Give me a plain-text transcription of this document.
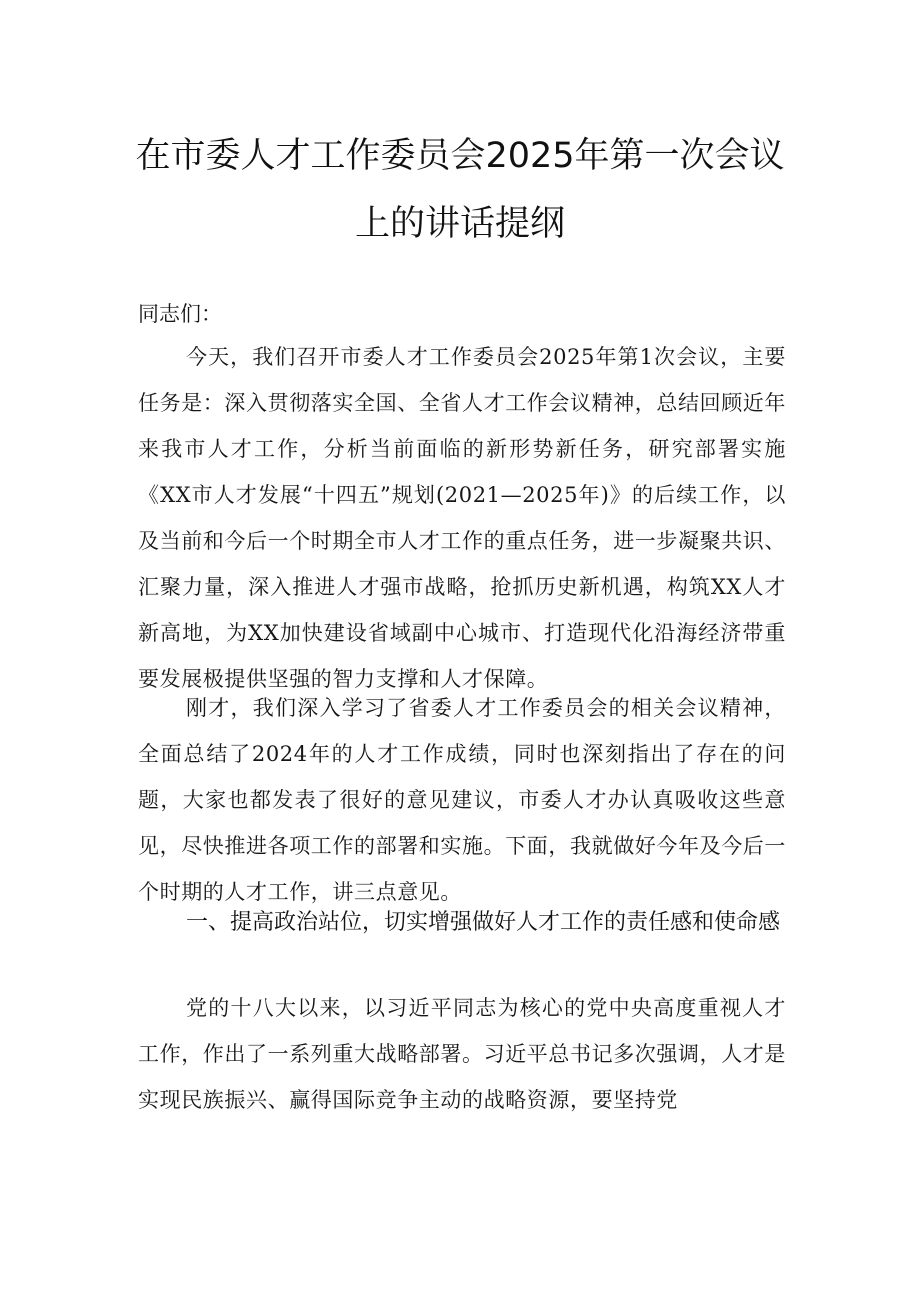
在市委人才工作委员会2025年第一次会议
上的讲话提纲
同志们：

今天，我们召开市委人才工作委员会2025年第1次会议，主要任务是：深入贯彻落实全国、全省人才工作会议精神，总结回顾近年来我市人才工作，分析当前面临的新形势新任务，研究部署实施《XX市人才发展“十四五”规划(2021—2025年)》的后续工作，以及当前和今后一个时期全市人才工作的重点任务，进一步凝聚共识、汇聚力量，深入推进人才强市战略，抢抓历史新机遇，构筑XX人才新高地，为XX加快建设省域副中心城市、打造现代化沿海经济带重要发展极提供坚强的智力支撑和人才保障。

刚才，我们深入学习了省委人才工作委员会的相关会议精神，全面总结了2024年的人才工作成绩，同时也深刻指出了存在的问题，大家也都发表了很好的意见建议，市委人才办认真吸收这些意见，尽快推进各项工作的部署和实施。下面，我就做好今年及今后一个时期的人才工作，讲三点意见。

一、提高政治站位，切实增强做好人才工作的责任感和使命感

党的十八大以来，以习近平同志为核心的党中央高度重视人才工作，作出了一系列重大战略部署。习近平总书记多次强调，人才是实现民族振兴、赢得国际竞争主动的战略资源，要坚持党
